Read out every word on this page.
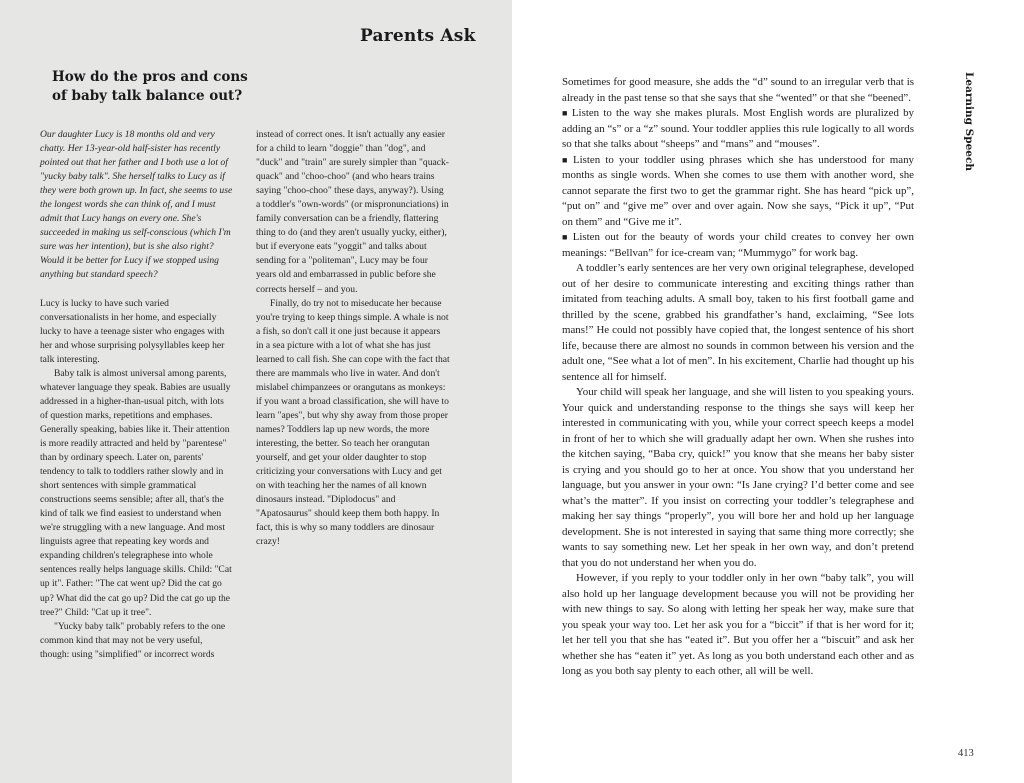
How do the pros and cons
of baby talk balance out?

Our daughter Lucy is 18 months old and very chatty. Her 13-year-old half-sister has recently pointed out that her father and I both use a lot of "yucky baby talk". She herself talks to Lucy as if they were both grown up. In fact, she seems to use the longest words she can think of, and I must admit that Lucy hangs on every one. She's succeeded in making us self-conscious (which I'm sure was her intention), but is she also right? Would it be better for Lucy if we stopped using anything but standard speech?

Lucy is lucky to have such varied conversationalists in her home, and especially lucky to have a teenage sister who engages with her and whose surprising polysyllables keep her talk interesting.

Baby talk is almost universal among parents, whatever language they speak. Babies are usually addressed in a higher-than-usual pitch, with lots of question marks, repetitions and emphases. Generally speaking, babies like it. Their attention is more readily attracted and held by "parentese" than by ordinary speech. Later on, parents' tendency to talk to toddlers rather slowly and in short sentences with simple grammatical constructions seems sensible; after all, that's the kind of talk we find easiest to understand when we're struggling with a new language. And most linguists agree that repeating key words and expanding children's telegraphese into whole sentences really helps language skills. Child: "Cat up it". Father: "The cat went up? Did the cat go up? What did the cat go up? Did the cat go up the tree?" Child: "Cat up it tree".

"Yucky baby talk" probably refers to the one common kind that may not be very useful, though: using "simplified" or incorrect words

instead of correct ones. It isn't actually any easier for a child to learn "doggie" than "dog", and "duck" and "train" are surely simpler than "quack-quack" and "choo-choo" (and who hears trains saying "choo-choo" these days, anyway?). Using a toddler's "own-words" (or mispronunciations) in family conversation can be a friendly, flattering thing to do (and they aren't usually yucky, either), but if everyone eats "yoggit" and talks about sending for a "politeman", Lucy may be four years old and embarrassed in public before she corrects herself – and you.

Finally, do try not to miseducate her because you're trying to keep things simple. A whale is not a fish, so don't call it one just because it appears in a sea picture with a lot of what she has just learned to call fish. She can cope with the fact that there are mammals who live in water. And don't mislabel chimpanzees or orangutans as monkeys: if you want a broad classification, she will have to learn "apes", but why shy away from those proper names? Toddlers lap up new words, the more interesting, the better. So teach her orangutan yourself, and get your older daughter to stop criticizing your conversations with Lucy and get on with teaching her the names of all known dinosaurs instead. "Diplodocus" and "Apatosaurus" should keep them both happy. In fact, this is why so many toddlers are dinosaur crazy!

Parents Ask

Sometimes for good measure, she adds the “d” sound to an irregular verb that is already in the past tense so that she says that she “wented” or that she “beened”.

■ Listen to the way she makes plurals. Most English words are pluralized by adding an “s” or a “z” sound. Your toddler applies this rule logically to all words so that she talks about “sheeps” and “mans” and “mouses”.

■ Listen to your toddler using phrases which she has understood for many months as single words. When she comes to use them with another word, she cannot separate the first two to get the grammar right. She has heard “pick up”, “put on” and “give me” over and over again. Now she says, “Pick it up”, “Put on them” and “Give me it”.

■ Listen out for the beauty of words your child creates to convey her own meanings: “Bellvan” for ice-cream van; “Mummygo” for work bag.

A toddler’s early sentences are her very own original telegraphese, developed out of her desire to communicate interesting and exciting things rather than imitated from teaching adults. A small boy, taken to his first football game and thrilled by the scene, grabbed his grandfather’s hand, exclaiming, “See lots mans!” He could not possibly have copied that, the longest sentence of his short life, because there are almost no sounds in common between his version and the adult one, “See what a lot of men”. In his excitement, Charlie had thought up his sentence all for himself.

Your child will speak her language, and she will listen to you speaking yours. Your quick and understanding response to the things she says will keep her interested in communicating with you, while your correct speech keeps a model in front of her to which she will gradually adapt her own. When she rushes into the kitchen saying, “Baba cry, quick!” you know that she means her baby sister is crying and you should go to her at once. You show that you understand her language, but you answer in your own: “Is Jane crying? I’d better come and see what’s the matter”. If you insist on correcting your toddler’s telegraphese and making her say things “properly”, you will bore her and hold up her language development. She is not interested in saying that same thing more correctly; she wants to say something new. Let her speak in her own way, and don’t pretend that you do not understand her when you do.

However, if you reply to your toddler only in her own “baby talk”, you will also hold up her language development because you will not be providing her with new things to say. So along with letting her speak her way, make sure that you speak your way too. Let her ask you for a “biccit” if that is her word for it; let her tell you that she has “eated it”. But you offer her a “biscuit” and ask her whether she has “eaten it” yet. As long as you both understand each other and as long as you both say plenty to each other, all will be well.

Learning Speech
413
